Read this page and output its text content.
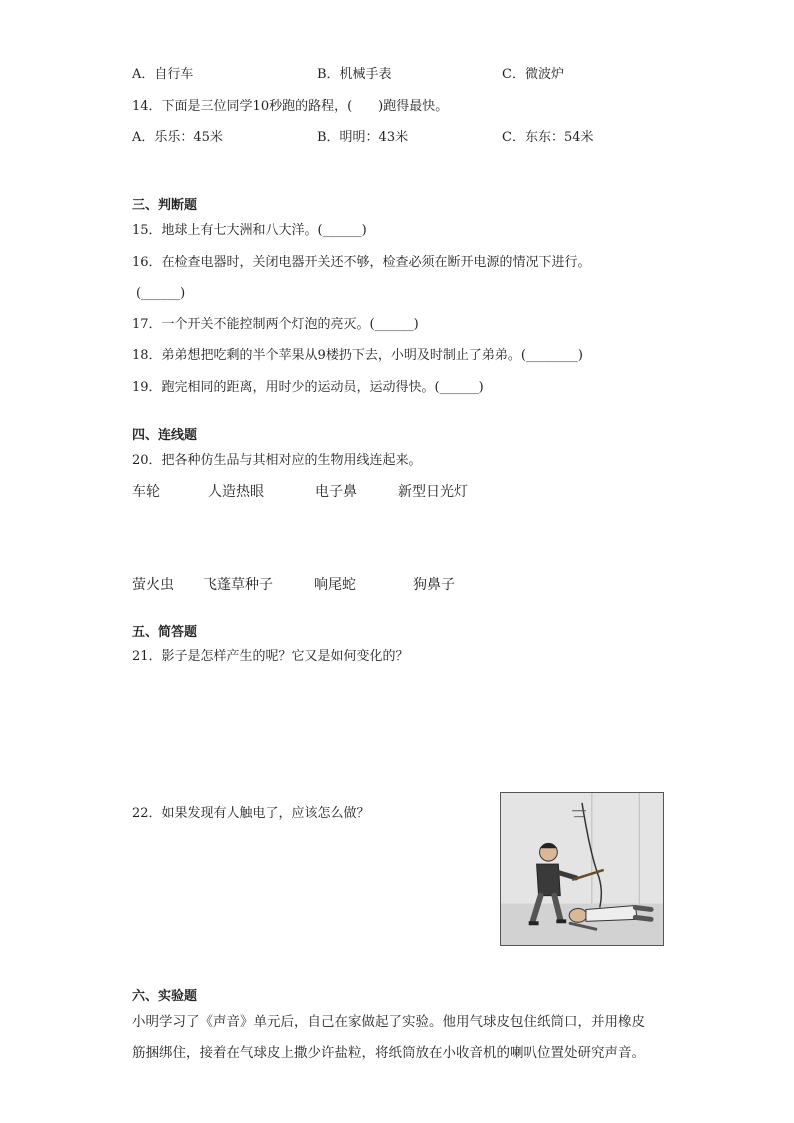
A．自行车	B．机械手表	C．微波炉
14．下面是三位同学10秒跑的路程，(　　)跑得最快。
A．乐乐：45米	B．明明：43米	C．东东：54米
三、判断题
15．地球上有七大洲和八大洋。(______)
16．在检查电器时，关闭电器开关还不够，检查必须在断开电源的情况下进行。
(______)
17．一个开关不能控制两个灯泡的亮灭。(______)
18．弟弟想把吃剩的半个苹果从9楼扔下去，小明及时制止了弟弟。(________)
19．跑完相同的距离，用时少的运动员，运动得快。(______)
四、连线题
20．把各种仿生品与其相对应的生物用线连起来。
车轮	人造热眼	电子鼻	新型日光灯
萤火虫 飞蓬草种子	响尾蛇	狗鼻子
五、简答题
21．影子是怎样产生的呢？它又是如何变化的？
22．如果发现有人触电了，应该怎么做？
六、实验题
小明学习了《声音》单元后，自己在家做起了实验。他用气球皮包住纸筒口，并用橡皮
筋捆绑住，接着在气球皮上撒少许盐粒，将纸筒放在小收音机的喇叭位置处研究声音。
